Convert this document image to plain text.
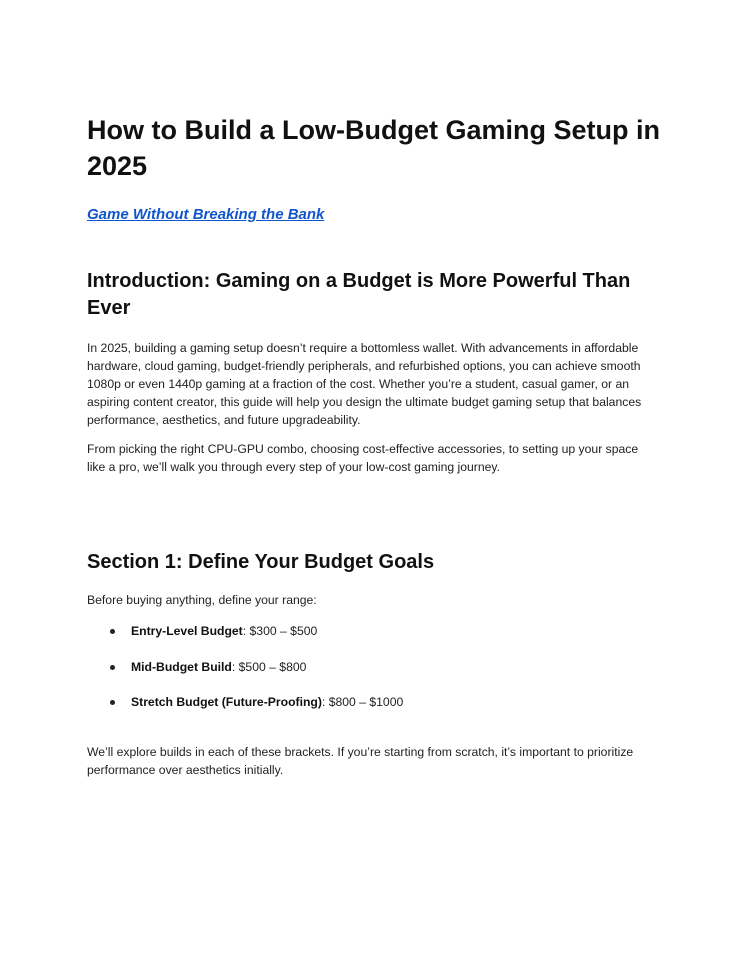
How to Build a Low-Budget Gaming Setup in 2025

Game Without Breaking the Bank

Introduction: Gaming on a Budget is More Powerful Than Ever

In 2025, building a gaming setup doesn’t require a bottomless wallet. With advancements in affordable hardware, cloud gaming, budget-friendly peripherals, and refurbished options, you can achieve smooth 1080p or even 1440p gaming at a fraction of the cost. Whether you’re a student, casual gamer, or an aspiring content creator, this guide will help you design the ultimate budget gaming setup that balances performance, aesthetics, and future upgradeability.

From picking the right CPU-GPU combo, choosing cost-effective accessories, to setting up your space like a pro, we’ll walk you through every step of your low-cost gaming journey.

Section 1: Define Your Budget Goals

Before buying anything, define your range:

Entry-Level Budget: $300 – $500
Mid-Budget Build: $500 – $800
Stretch Budget (Future-Proofing): $800 – $1000

We’ll explore builds in each of these brackets. If you’re starting from scratch, it’s important to prioritize performance over aesthetics initially.
